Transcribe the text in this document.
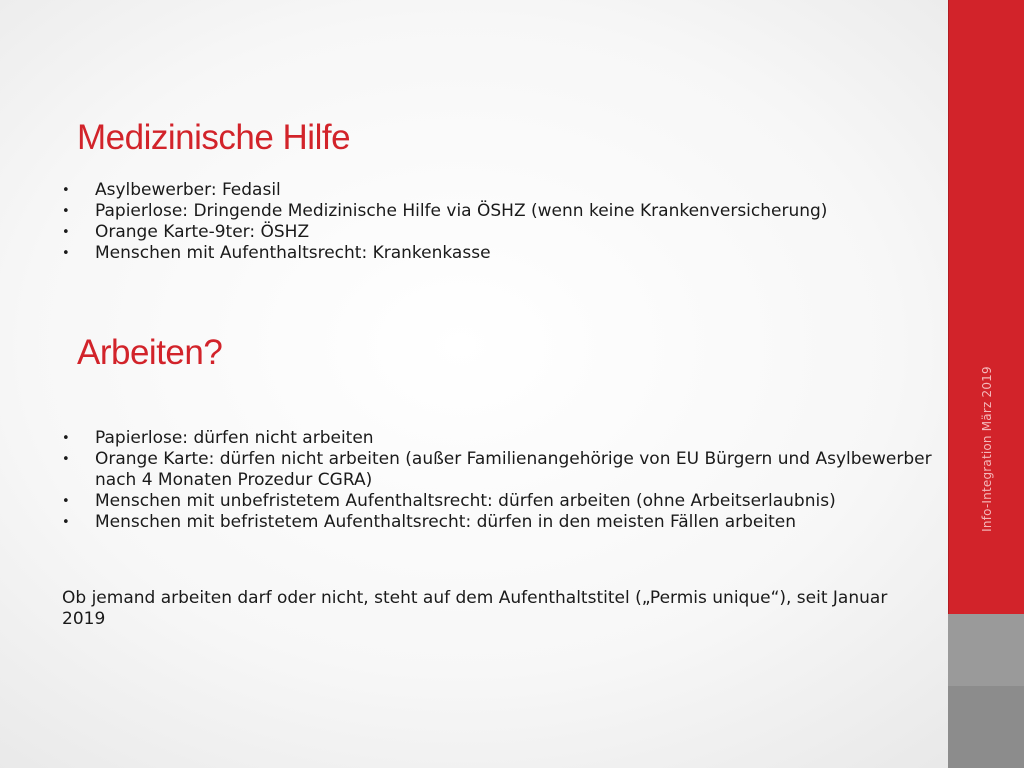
Medizinische Hilfe
•	Asylbewerber: Fedasil
•	Papierlose: Dringende Medizinische Hilfe via ÖSHZ (wenn keine Krankenversicherung)
•	Orange Karte-9ter: ÖSHZ
•	Menschen mit Aufenthaltsrecht: Krankenkasse
Arbeiten?
•	Papierlose: dürfen nicht arbeiten
•	Orange Karte: dürfen nicht arbeiten (außer Familienangehörige von EU Bürgern und Asylbewerber nach 4 Monaten Prozedur CGRA)
•	Menschen mit unbefristetem Aufenthaltsrecht: dürfen arbeiten (ohne Arbeitserlaubnis)
•	Menschen mit befristetem Aufenthaltsrecht: dürfen in den meisten Fällen arbeiten

Ob jemand arbeiten darf oder nicht, steht auf dem Aufenthaltstitel („Permis unique“), seit Januar 2019

Info-Integration März 2019
